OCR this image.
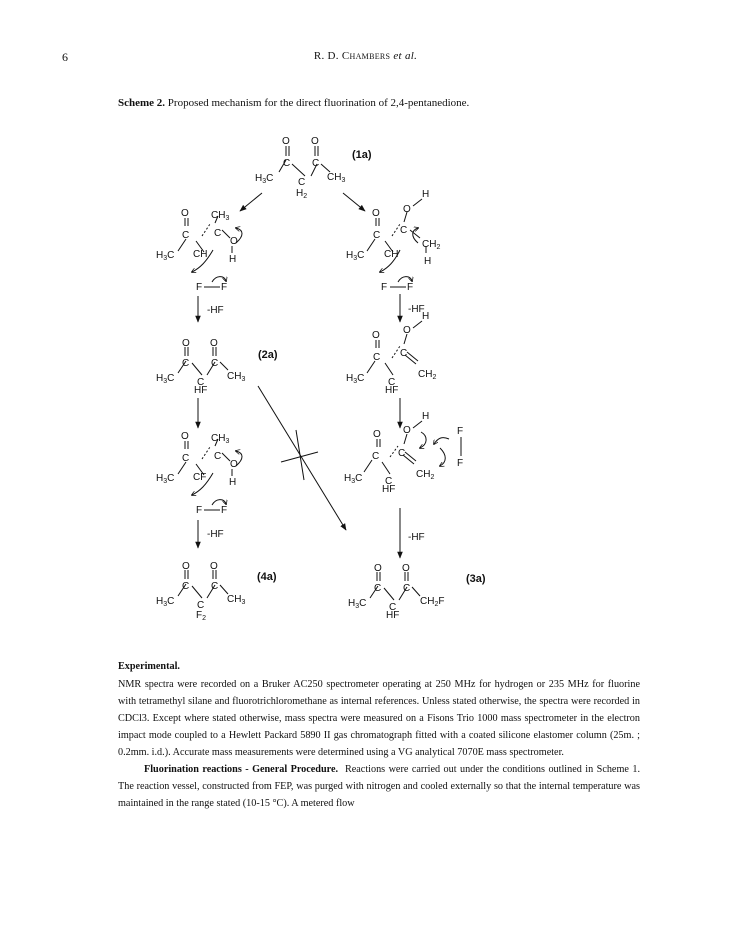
6	R. D. Chambers et al.
Scheme 2. Proposed mechanism for the direct fluorination of 2,4-pentanedione.
O O
C C
C
$H_3C$	$CH_3$
$H_2$
(1a)
O
C C
$CH_3$
$H_3C$ CH
O
H
F F
-HF
O
C C
O
H
$H_3C$ CH
$CH_2$
H
F F
-HF
O O
C C
$H_3C$ C
HF
$CH_3$
(2a)
O
C C
O
H
$H_3C$ C
HF
$CH_2$
O
C C
$CH_3$
$H_3C$ CF
O
H
F F
-HF
O
C C
O
H
$H_3C$ C
HF
$CH_2$
F
F
-HF
O O
C C
$H_3C$ C
$F_2$
$CH_3$
(4a)
O O
C C
$H_3C$ C
HF
$CH_2F$
(3a)
Experimental.

NMR spectra were recorded on a Bruker AC250 spectrometer operating at 250 MHz for hydrogen or 235 MHz for fluorine with tetramethyl silane and fluorotrichloromethane as internal references. Unless stated otherwise, the spectra were recorded in CDCl3. Except where stated otherwise, mass spectra were measured on a Fisons Trio 1000 mass spectrometer in the electron impact mode coupled to a Hewlett Packard 5890 II gas chromatograph fitted with a coated silicone elastomer column (25m. ; 0.2mm. i.d.). Accurate mass measurements were determined using a VG analytical 7070E mass spectrometer.

Fluorination reactions - General Procedure. Reactions were carried out under the conditions outlined in Scheme 1. The reaction vessel, constructed from FEP, was purged with nitrogen and cooled externally so that the internal temperature was maintained in the range stated (10-15 °C). A metered flow
